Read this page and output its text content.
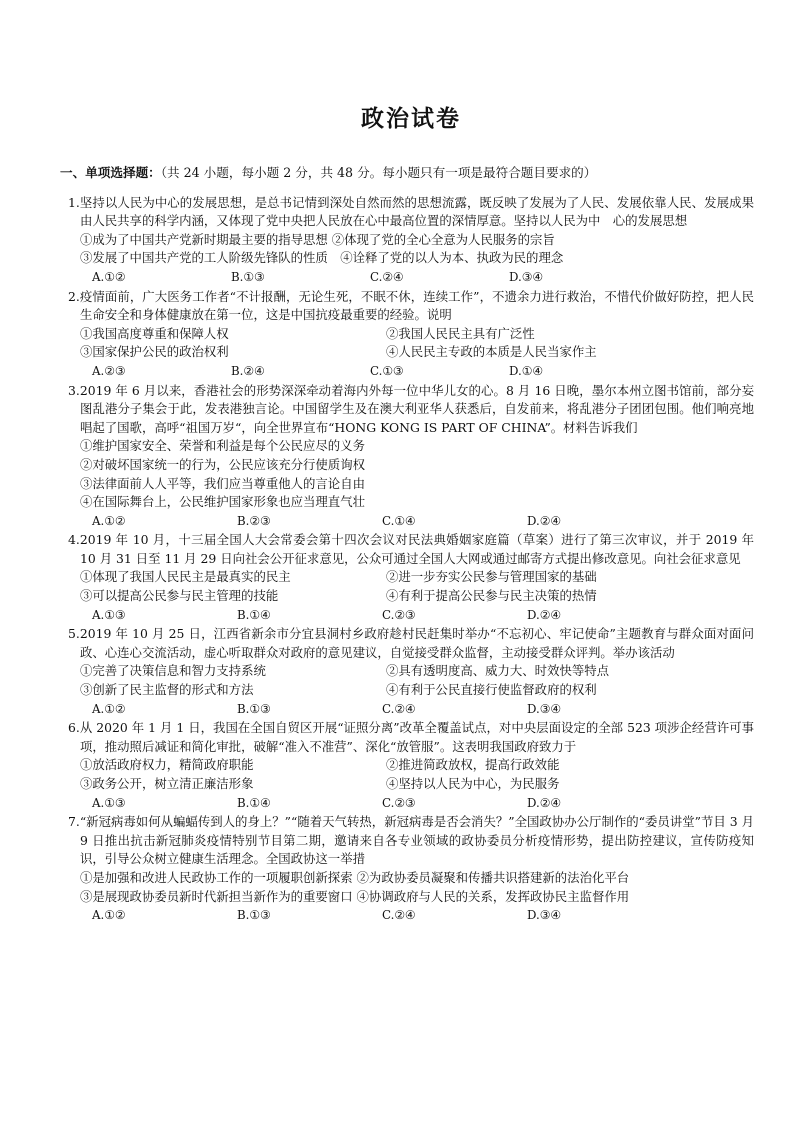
政治试卷
一、单项选择题：（共 24 小题，每小题 2 分，共 48 分。每小题只有一项是最符合题目要求的）
1.坚持以人民为中心的发展思想，是总书记情到深处自然而然的思想流露，既反映了发展为了人民、发展依靠人民、发展成果由人民共享的科学内涵，又体现了党中央把人民放在心中最高位置的深情厚意。坚持以人民为中　心的发展思想
①成为了中国共产党新时期最主要的指导思想 ②体现了党的全心全意为人民服务的宗旨
③发展了中国共产党的工人阶级先锋队的性质　④诠释了党的以人为本、执政为民的理念
A.①②	B.①③	C.②④	D.③④
2.疫情面前，广大医务工作者“不计报酬，无论生死，不眠不休，连续工作”，不遗余力进行救治，不惜代价做好防控，把人民生命安全和身体健康放在第一位，这是中国抗疫最重要的经验。说明
①我国高度尊重和保障人权	②我国人民民主具有广泛性
③国家保护公民的政治权利	④人民民主专政的本质是人民当家作主
A.②③	B.②④	C.①③	D.①④
3.2019 年 6 月以来，香港社会的形势深深牵动着海内外每一位中华儿女的心。8 月 16 日晚，墨尔本州立图书馆前，部分妄图乱港分子集会于此，发表港独言论。中国留学生及在澳大利亚华人获悉后，自发前来，将乱港分子团团包围。他们响亮地唱起了国歌，高呼“祖国万岁“，向全世界宣布“HONG KONG IS PART OF CHINA”。材料告诉我们
①维护国家安全、荣誉和利益是每个公民应尽的义务
②对破坏国家统一的行为，公民应该充分行使质询权
③法律面前人人平等，我们应当尊重他人的言论自由
④在国际舞台上，公民维护国家形象也应当理直气壮
A.①②	B.②③	C.①④	D.②④
4.2019 年 10 月，十三届全国人大会常委会第十四次会议对民法典婚姻家庭篇（草案）进行了第三次审议，并于 2019 年 10 月 31 日至 11 月 29 日向社会公开征求意见，公众可通过全国人大网或通过邮寄方式提出修改意见。向社会征求意见
①体现了我国人民民主是最真实的民主	②进一步夯实公民参与管理国家的基础
③可以提高公民参与民主管理的技能	④有利于提高公民参与民主决策的热情
A.①③	B.①④	C.②③	D.②④
5.2019 年 10 月 25 日，江西省新余市分宜县洞村乡政府趁村民赶集时举办“不忘初心、牢记使命”主题教育与群众面对面问政、心连心交流活动，虚心听取群众对政府的意见建议，自觉接受群众监督，主动接受群众评判。举办该活动
①完善了决策信息和智力支持系统	②具有透明度高、威力大、时效快等特点
③创新了民主监督的形式和方法	④有利于公民直接行使监督政府的权利
A.①②	B.①③	C.②④	D.③④
6.从 2020 年 1 月 1 日，我国在全国自贸区开展“证照分离”改革全覆盖试点，对中央层面设定的全部 523 项涉企经营许可事项，推动照后减证和简化审批，破解“准入不准营”、深化“放管服”。这表明我国政府致力于
①放活政府权力，精简政府职能	②推进简政放权，提高行政效能
③政务公开，树立清正廉洁形象	④坚持以人民为中心，为民服务
A.①③	B.①④	C.②③	D.②④
7.“新冠病毒如何从蝙蝠传到人的身上？”“随着天气转热，新冠病毒是否会消失？”全国政协办公厅制作的“委员讲堂”节目 3 月 9 日推出抗击新冠肺炎疫情特别节目第二期，邀请来自各专业领域的政协委员分析疫情形势，提出防控建议，宣传防疫知识，引导公众树立健康生活理念。全国政协这一举措
①是加强和改进人民政协工作的一项履职创新探索 ②为政协委员凝聚和传播共识搭建新的法治化平台
③是展现政协委员新时代新担当新作为的重要窗口 ④协调政府与人民的关系，发挥政协民主监督作用
A.①②	B.①③	C.②④	D.③④
